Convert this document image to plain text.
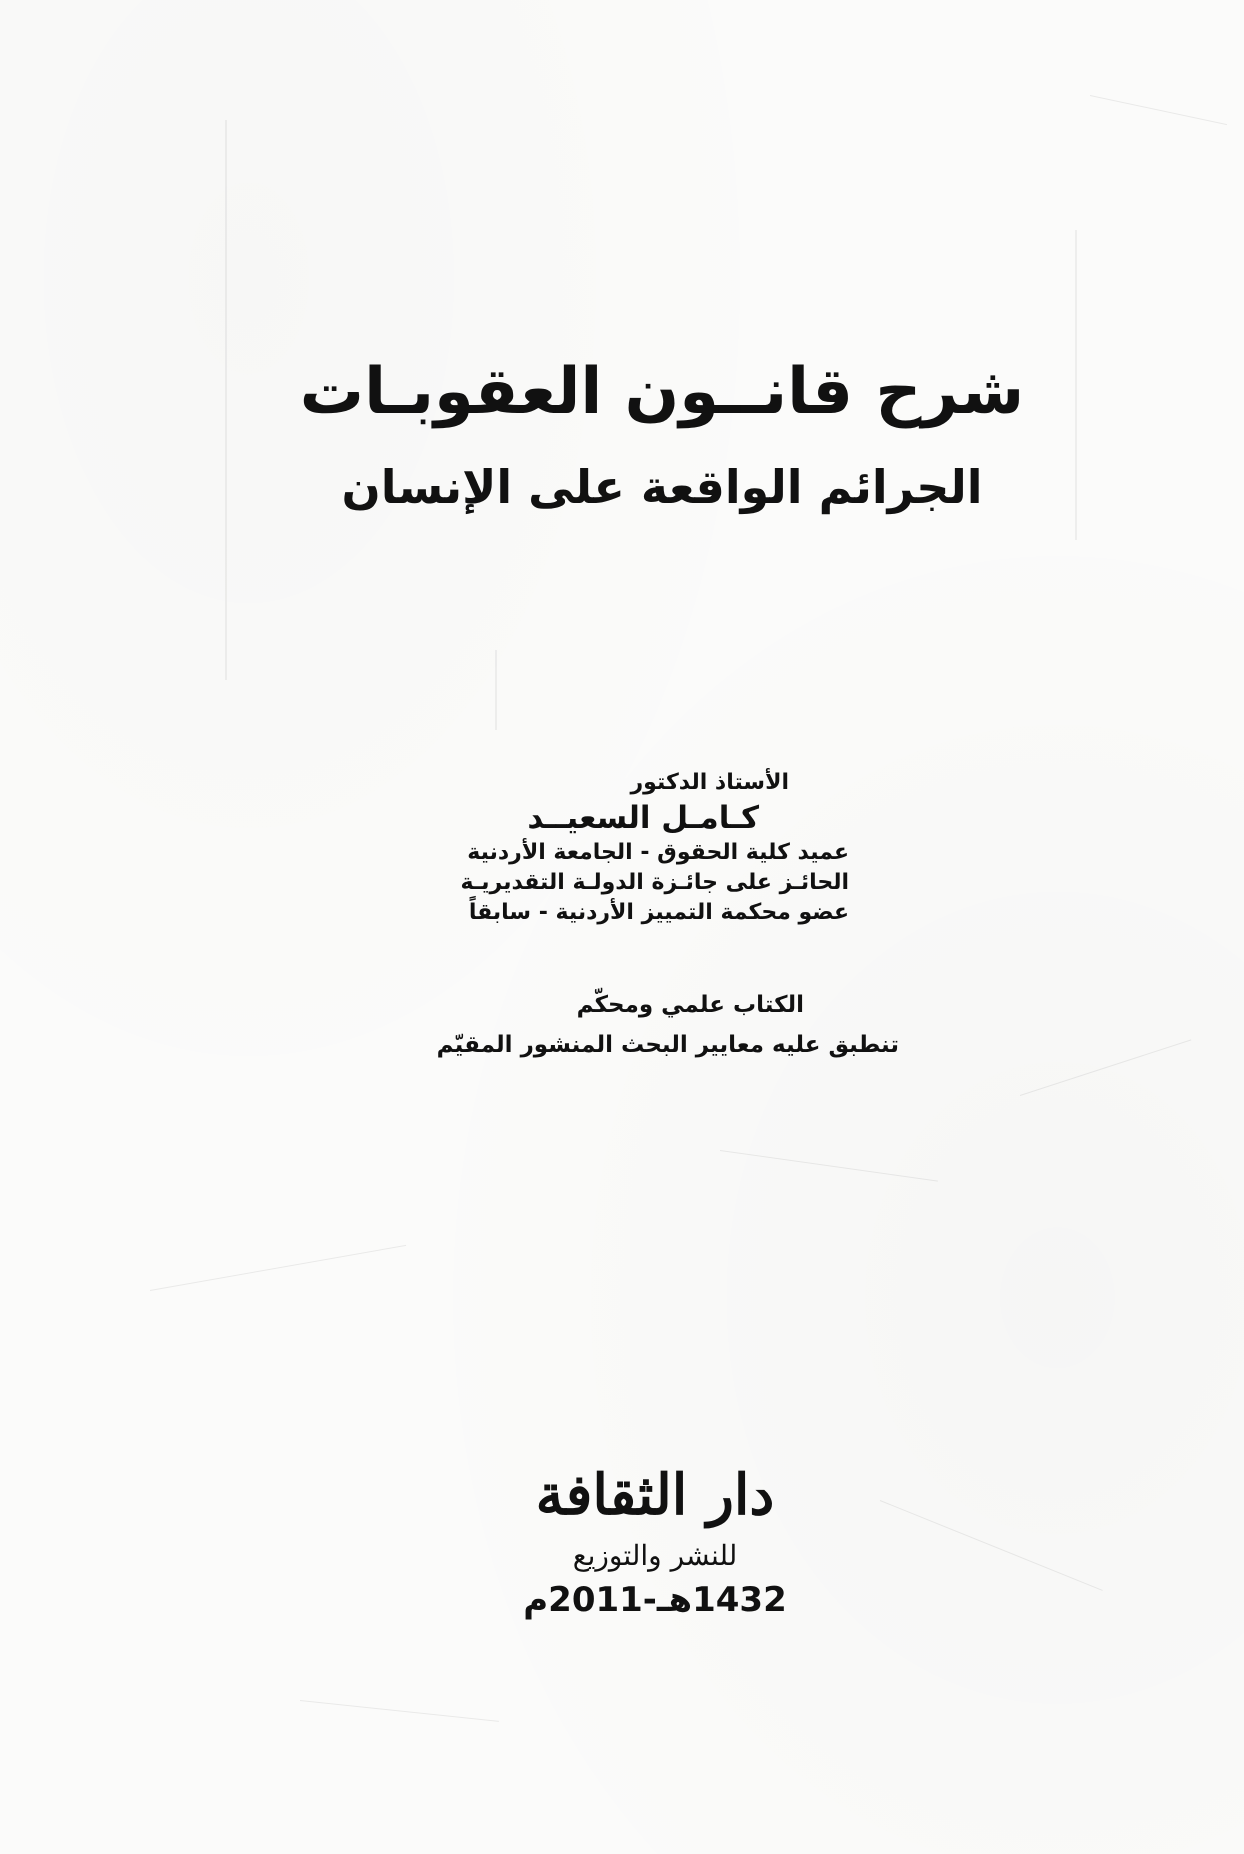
شرح قانــون العقوبـات
الجرائم الواقعة على الإنسان
الأستاذ الدكتور
كـامـل السعيــد
عميد كلية الحقوق - الجامعة الأردنية
الحائـز على جائـزة الدولـة التقديريـة
عضو محكمة التمييز الأردنية - سابقاً
الكتاب علمي ومحكّم
تنطبق عليه معايير البحث المنشور المقيّم
دار الثقافة
للنشر والتوزيع
1432هـ-2011م
